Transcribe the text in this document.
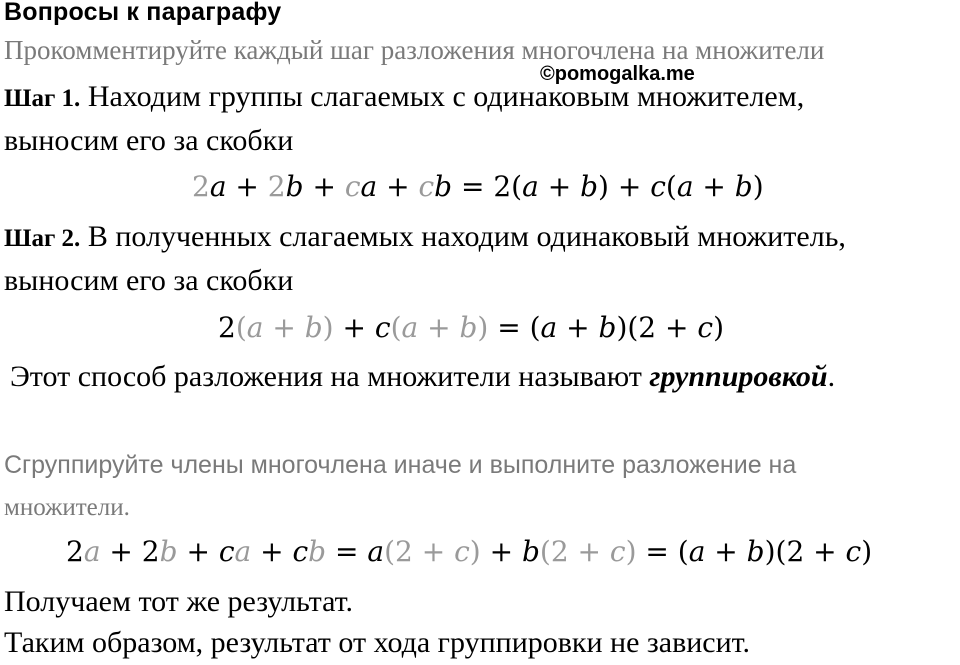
Вопросы к параграфу
Прокомментируйте каждый шаг разложения многочлена на множители
©pomogalka.me
Шаг 1. Находим группы слагаемых с одинаковым множителем,
выносим его за скобки
2a + 2b + ca + cb = 2(a + b) + c(a + b)
Шаг 2. В полученных слагаемых находим одинаковый множитель,
выносим его за скобки
2(a + b) + c(a + b) = (a + b)(2 + c)
Этот способ разложения на множители называют группировкой.
Сгруппируйте члены многочлена иначе и выполните разложение на
множители.
2a + 2b + ca + cb = a(2 + c) + b(2 + c) = (a + b)(2 + c)
Получаем тот же результат.
Таким образом, результат от хода группировки не зависит.
